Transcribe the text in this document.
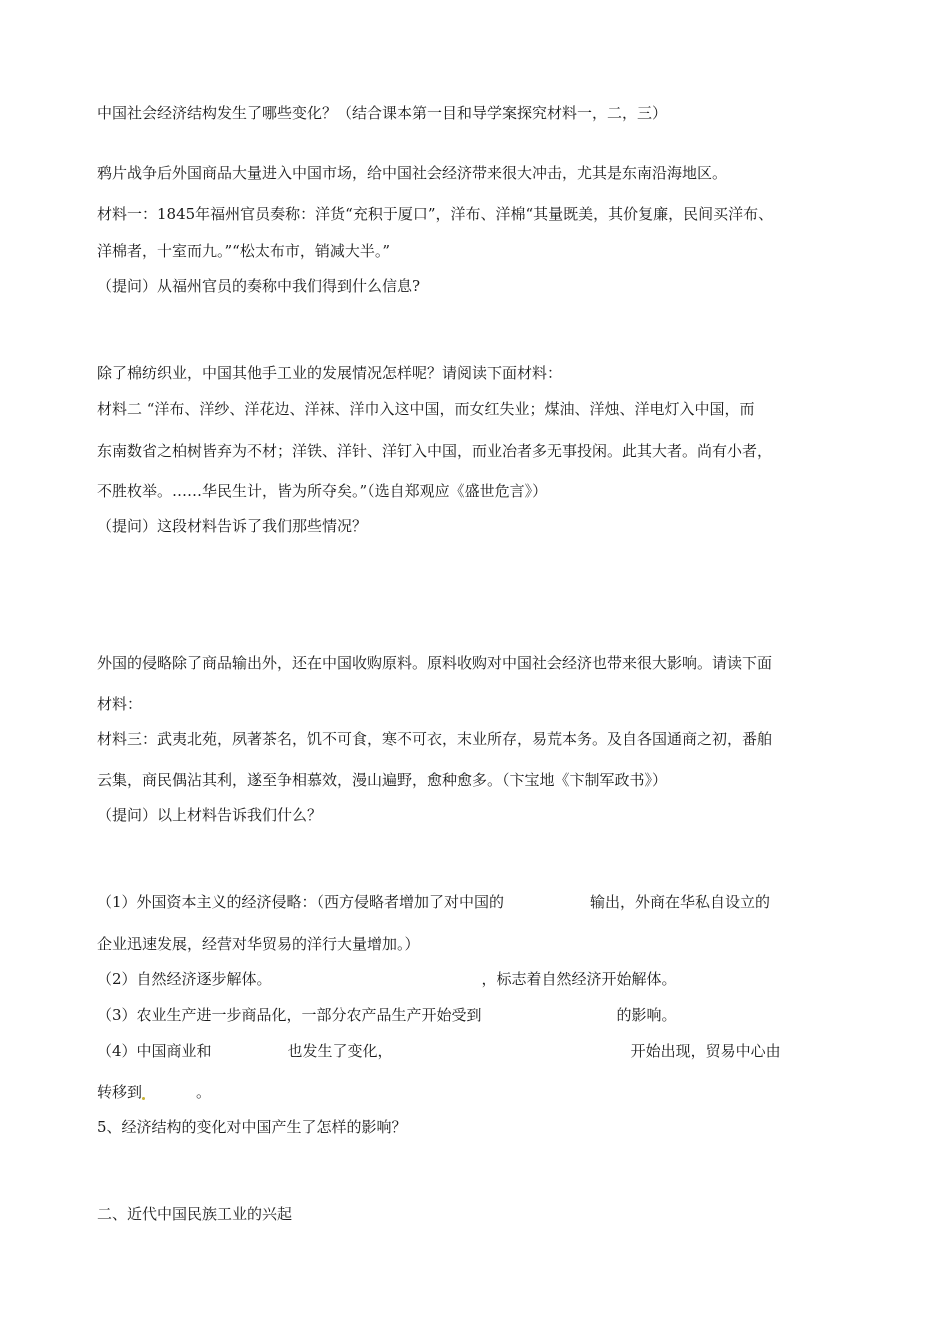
中国社会经济结构发生了哪些变化？（结合课本第一目和导学案探究材料一，二，三）
鸦片战争后外国商品大量进入中国市场，给中国社会经济带来很大冲击，尤其是东南沿海地区。
材料一：1845年福州官员奏称：洋货“充积于厦口”，洋布、洋棉“其量既美，其价复廉，民间买洋布、
洋棉者，十室而九。”“松太布市，销减大半。”
（提问）从福州官员的奏称中我们得到什么信息?
除了棉纺织业，中国其他手工业的发展情况怎样呢？请阅读下面材料：
材料二 “洋布、洋纱、洋花边、洋袜、洋巾入这中国，而女红失业；煤油、洋烛、洋电灯入中国，而
东南数省之柏树皆弃为不材；洋铁、洋针、洋钉入中国，而业冶者多无事投闲。此其大者。尚有小者，
不胜枚举。……华民生计，皆为所夺矣。”（选自郑观应《盛世危言》）
（提问）这段材料告诉了我们那些情况？
外国的侵略除了商品输出外，还在中国收购原料。原料收购对中国社会经济也带来很大影响。请读下面
材料：
材料三：武夷北苑，夙著茶名，饥不可食，寒不可衣，末业所存，易荒本务。及自各国通商之初，番舶
云集，商民偶沾其利，遂至争相慕效，漫山遍野，愈种愈多。（卞宝地《卞制军政书》）
（提问）以上材料告诉我们什么？
（1）外国资本主义的经济侵略：（西方侵略者增加了对中国的	输出，外商在华私自设立的
企业迅速发展，经营对华贸易的洋行大量增加。）
（2）自然经济逐步解体。	，标志着自然经济开始解体。
（3）农业生产进一步商品化，一部分农产品生产开始受到	的影响。
（4）中国商业和	也发生了变化，	开始出现，贸易中心由
转移到	。
5、经济结构的变化对中国产生了怎样的影响？
二、近代中国民族工业的兴起
